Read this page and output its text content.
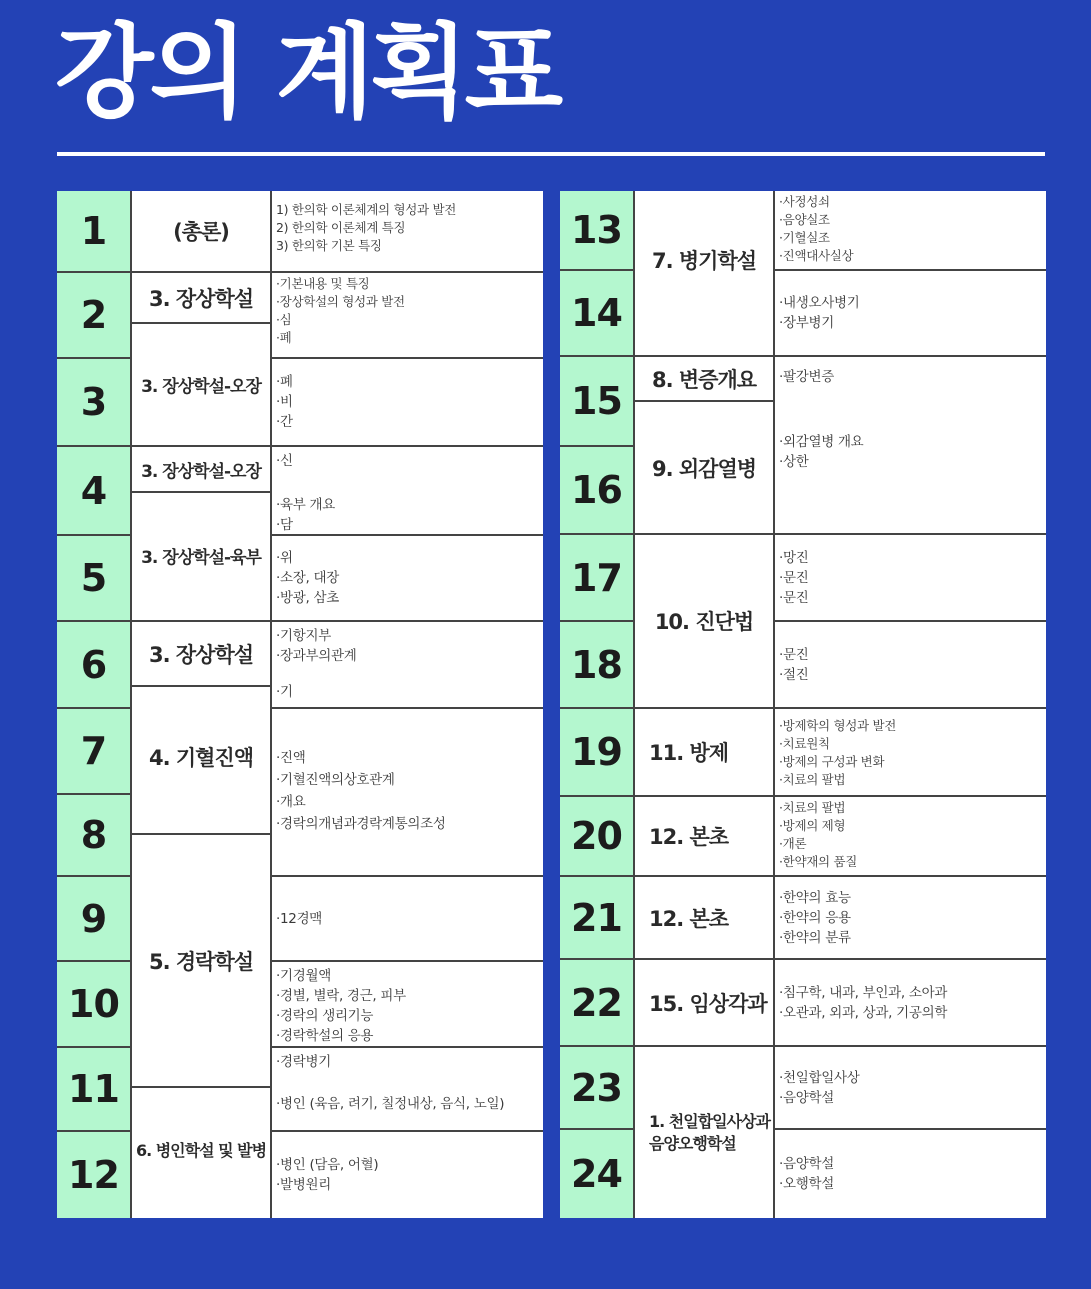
강의 계획표
1
2
3
4
5
6
7
8
9
10
11
12
(총론)
3. 장상학설
3. 장상학설-오장
3. 장상학설-오장
3. 장상학설-육부
3. 장상학설
4. 기혈진액
5. 경락학설
6. 병인학설 및 발병
1) 한의학 이론체계의 형성과 발전
2) 한의학 이론체계 특징
3) 한의학 기본 특징
·기본내용 및 특징
·장상학설의 형성과 발전
·심
·폐
·폐
·비
·간
·신
·육부 개요
·담
·위
·소장, 대장
·방광, 삼초
·기항지부
·장과부의관계
·기
·진액
·기혈진액의상호관계
·개요
·경락의개념과경락계통의조성
·12경맥
·기경월액
·경별, 별락, 경근, 피부
·경락의 생리기능
·경락학설의 응용
·경락병기
·병인 (육음, 려기, 칠정내상, 음식, 노일)
·병인 (담음, 어혈)
·발병원리
13
14
15
16
17
18
19
20
21
22
23
24
7. 병기학설
8. 변증개요
9. 외감열병
10. 진단법
11. 방제
12. 본초
12. 본초
15. 임상각과
1. 천일합일사상과 음양오행학설
·사정성쇠
·음양실조
·기혈실조
·진액대사실상
·내생오사병기
·장부병기
·팔강변증
·외감열병 개요
·상한
·망진
·문진
·문진
·문진
·절진
·방제학의 형성과 발전
·치료원칙
·방제의 구성과 변화
·치료의 팔법
·치료의 팔법
·방제의 제형
·개론
·한약재의 품질
·한약의 효능
·한약의 응용
·한약의 분류
·침구학, 내과, 부인과, 소아과
·오관과, 외과, 상과, 기공의학
·천일합일사상
·음양학설
·음양학설
·오행학설
